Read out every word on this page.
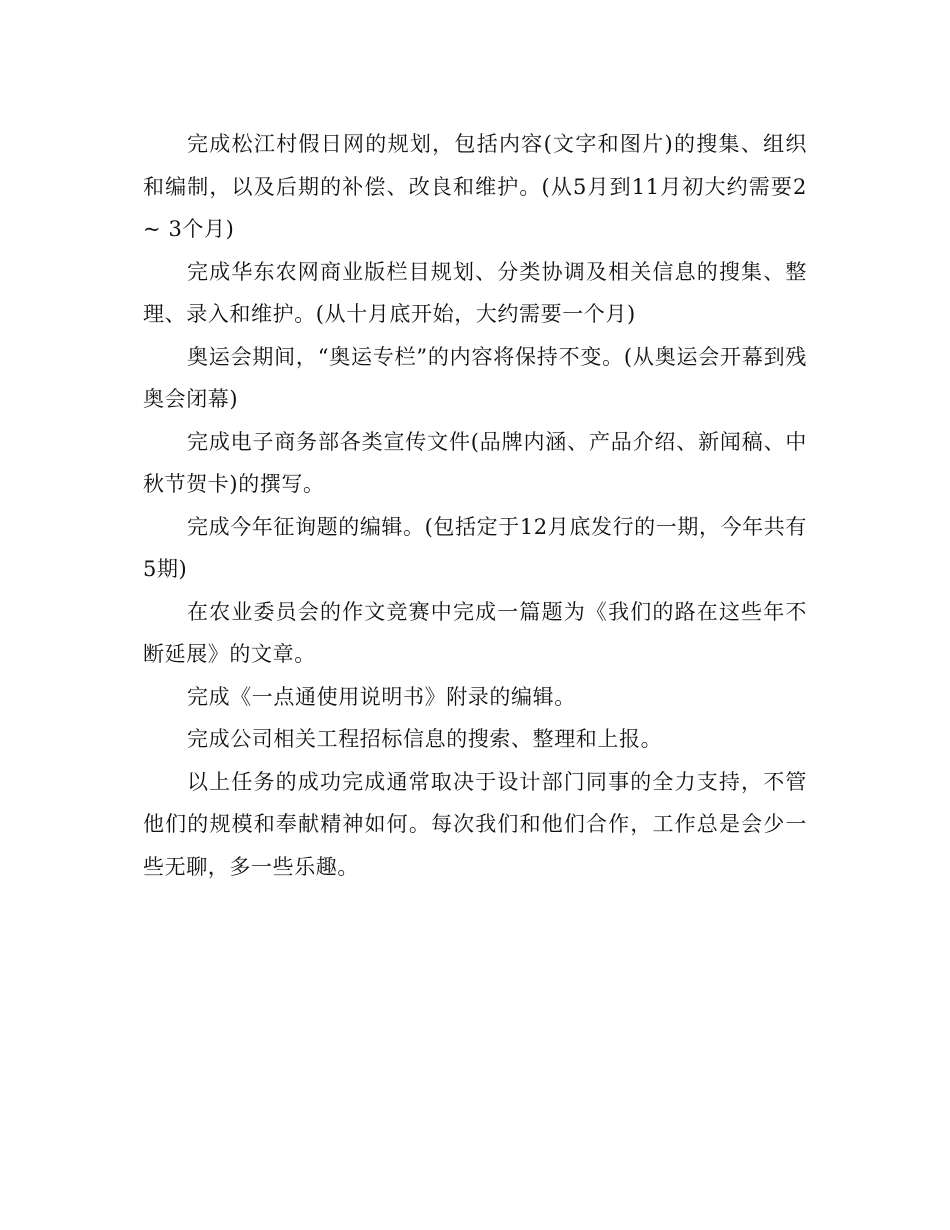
完成松江村假日网的规划，包括内容(文字和图片)的搜集、组织和编制，以及后期的补偿、改良和维护。(从5月到11月初大约需要2~ 3个月)

完成华东农网商业版栏目规划、分类协调及相关信息的搜集、整理、录入和维护。(从十月底开始，大约需要一个月)

奥运会期间，“奥运专栏”的内容将保持不变。(从奥运会开幕到残奥会闭幕)

完成电子商务部各类宣传文件(品牌内涵、产品介绍、新闻稿、中秋节贺卡)的撰写。

完成今年征询题的编辑。(包括定于12月底发行的一期，今年共有5期)

在农业委员会的作文竞赛中完成一篇题为《我们的路在这些年不断延展》的文章。

完成《一点通使用说明书》附录的编辑。

完成公司相关工程招标信息的搜索、整理和上报。

以上任务的成功完成通常取决于设计部门同事的全力支持，不管他们的规模和奉献精神如何。每次我们和他们合作，工作总是会少一些无聊，多一些乐趣。
